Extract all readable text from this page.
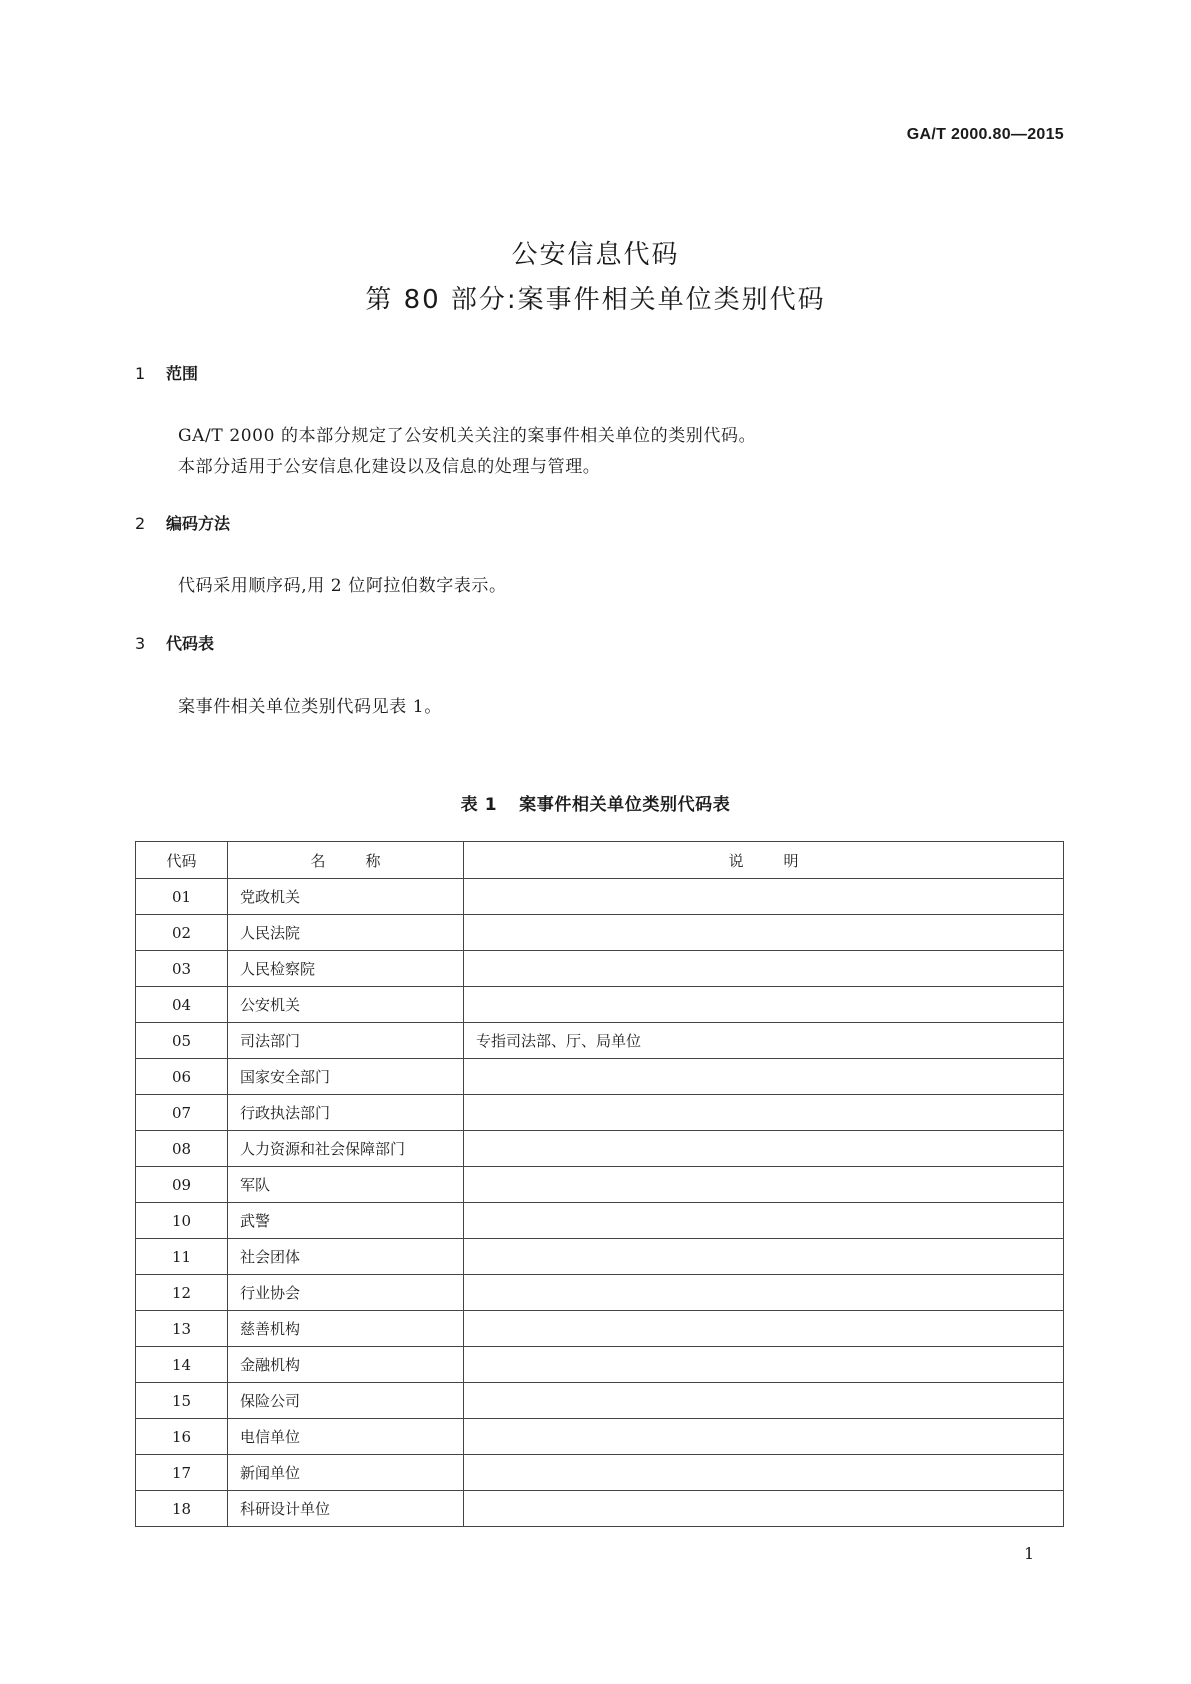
GA/T 2000.80—2015
公安信息代码
第 80 部分:案事件相关单位类别代码
1 范围
GA/T 2000 的本部分规定了公安机关关注的案事件相关单位的类别代码。
本部分适用于公安信息化建设以及信息的处理与管理。
2 编码方法
代码采用顺序码,用 2 位阿拉伯数字表示。
3 代码表
案事件相关单位类别代码见表 1。
表 1 案事件相关单位类别代码表
代码	名称	说明
01	党政机关	
02	人民法院	
03	人民检察院	
04	公安机关	
05	司法部门	专指司法部、厅、局单位
06	国家安全部门	
07	行政执法部门	
08	人力资源和社会保障部门	
09	军队	
10	武警	
11	社会团体	
12	行业协会	
13	慈善机构	
14	金融机构	
15	保险公司	
16	电信单位	
17	新闻单位	
18	科研设计单位	
1
